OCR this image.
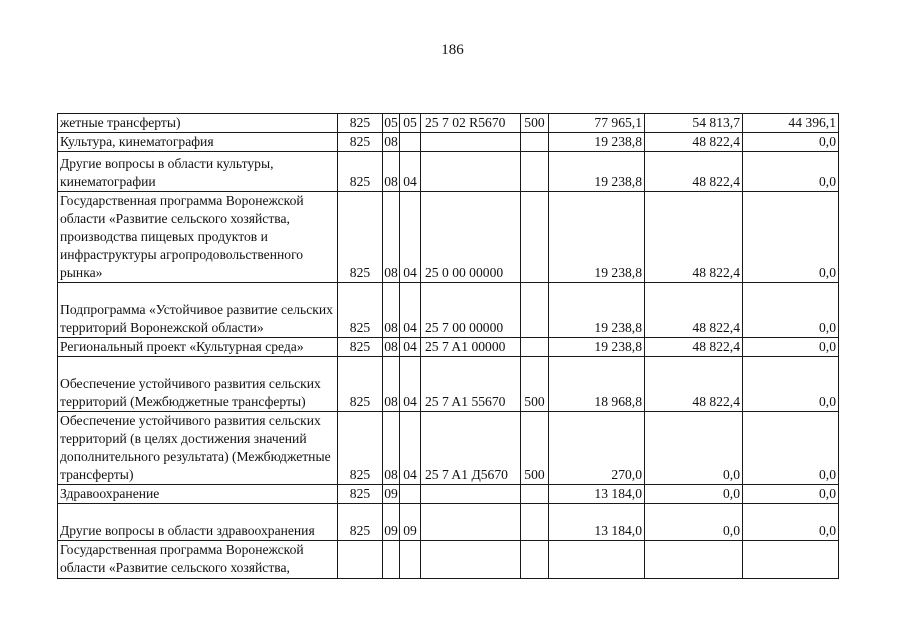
186
жетные трансферты)	825	05	05	25 7 02 R5670	500	77 965,1	54 813,7	44 396,1
Культура, кинематография	825	08				19 238,8	48 822,4	0,0
Другие вопросы в области культуры, кинематографии	825	08	04			19 238,8	48 822,4	0,0
Государственная программа Воронежской области «Развитие сельского хозяйства, производства пищевых продуктов и инфраструктуры агропродовольственного рынка»	825	08	04	25 0 00 00000		19 238,8	48 822,4	0,0
Подпрограмма «Устойчивое развитие сельских территорий Воронежской области»	825	08	04	25 7 00 00000		19 238,8	48 822,4	0,0
Региональный проект «Культурная среда»	825	08	04	25 7 A1 00000		19 238,8	48 822,4	0,0
Обеспечение устойчивого развития сельских территорий (Межбюджетные трансферты)	825	08	04	25 7 A1 55670	500	18 968,8	48 822,4	0,0
Обеспечение устойчивого развития сельских территорий (в целях достижения значений дополнительного результата) (Межбюджетные трансферты)	825	08	04	25 7 A1 Д5670	500	270,0	0,0	0,0
Здравоохранение	825	09				13 184,0	0,0	0,0
Другие вопросы в области здравоохранения	825	09	09			13 184,0	0,0	0,0
Государственная программа Воронежской области «Развитие сельского хозяйства,								
